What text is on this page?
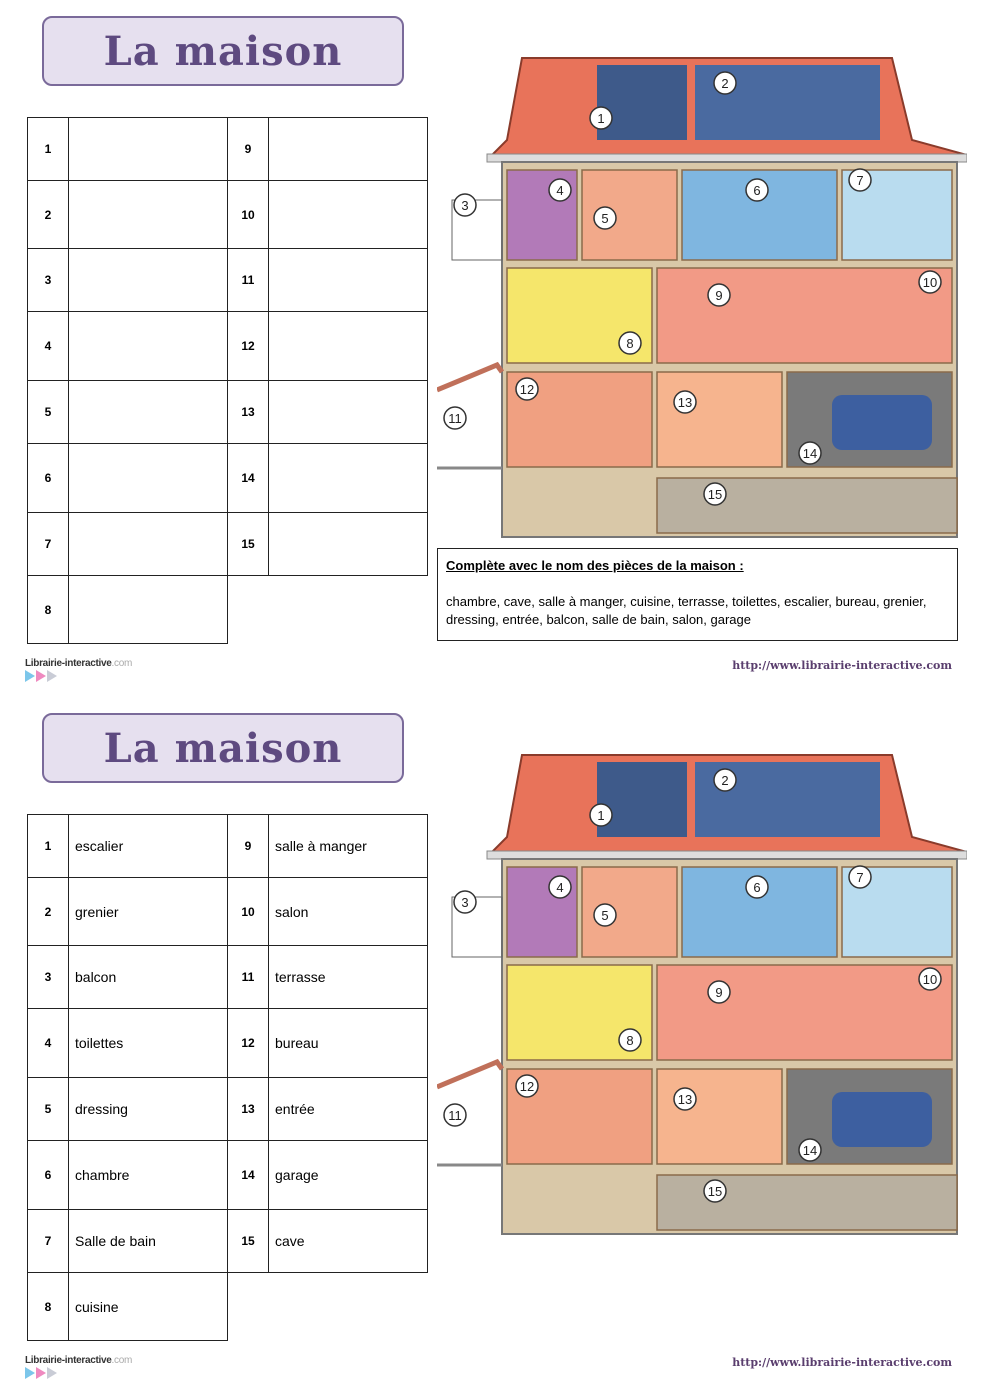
La maison
1		9	
2		10	
3		11	
4		12	
5		13	
6		14	
7		15	
8			
1
2
3
4
5
6
7
8
9
10
11
12
13
14
15
Librairie-interactive.com	http://www.librairie-interactive.com
Complète avec le nom des pièces de la maison :
chambre, cave, salle à manger, cuisine, terrasse, toilettes, escalier, bureau, grenier, dressing, entrée, balcon, salle de bain, salon, garage
La maison
1	escalier	9	salle à manger
2	grenier	10	salon
3	balcon	11	terrasse
4	toilettes	12	bureau
5	dressing	13	entrée
6	chambre	14	garage
7	Salle de bain	15	cave
8	cuisine		
1
2
3
4
5
6
7
8
9
10
11
12
13
14
15
Librairie-interactive.com	http://www.librairie-interactive.com
